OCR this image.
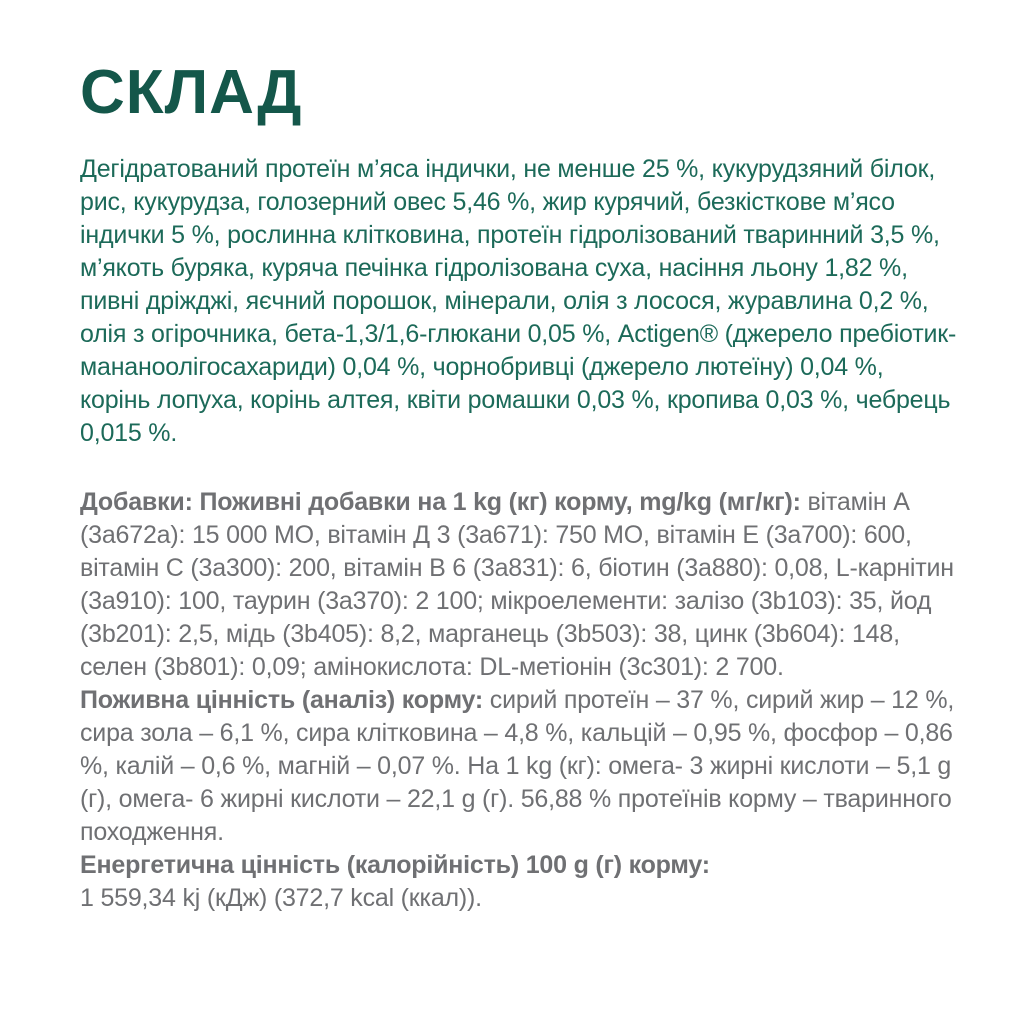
СКЛАД

Дегідратований протеїн м’яса індички, не менше 25 %, кукурудзяний білок, рис, кукурудза, голозерний овес 5,46 %, жир курячий, безкісткове м’ясо індички 5 %, рослинна клітковина, протеїн гідролізований тваринний 3,5 %, м’якоть буряка, куряча печінка гідролізована суха, насіння льону 1,82 %, пивні дріжджі, яєчний порошок, мінерали, олія з лосося, журавлина 0,2 %, олія з огірочника, бета-1,3/1,6-глюкани 0,05 %, Actigen® (джерело пребіотик-мананоолігосахариди) 0,04 %, чорнобривці (джерело лютеїну) 0,04 %, корінь лопуха, корінь алтея, квіти ромашки 0,03 %, кропива 0,03 %, чебрець 0,015 %.

Добавки: Поживні добавки на 1 kg (кг) корму, mg/kg (мг/кг): вітамін А (3а672а): 15 000 МО, вітамін Д 3 (3а671): 750 МО, вітамін Е (3а700): 600, вітамін С (3а300): 200, вітамін В 6 (3а831): 6, біотин (3а880): 0,08, L-карнітин (3а910): 100, таурин (3а370): 2 100; мікроелементи: залізо (3b103): 35, йод (3b201): 2,5, мідь (3b405): 8,2, марганець (3b503): 38, цинк (3b604): 148, селен (3b801): 0,09; амінокислота: DL-метіонін (3с301): 2 700.

Поживна цінність (аналіз) корму: сирий протеїн – 37 %, сирий жир – 12 %, сира зола – 6,1 %, сира клітковина – 4,8 %, кальцій – 0,95 %, фосфор – 0,86 %, калій – 0,6 %, магній – 0,07 %. На 1 kg (кг): омега- 3 жирні кислоти – 5,1 g (г), омега- 6 жирні кислоти – 22,1 g (г). 56,88 % протеїнів корму – тваринного походження.

Енергетична цінність (калорійність) 100 g (г) корму:
1 559,34 kj (кДж) (372,7 kcal (ккал)).
